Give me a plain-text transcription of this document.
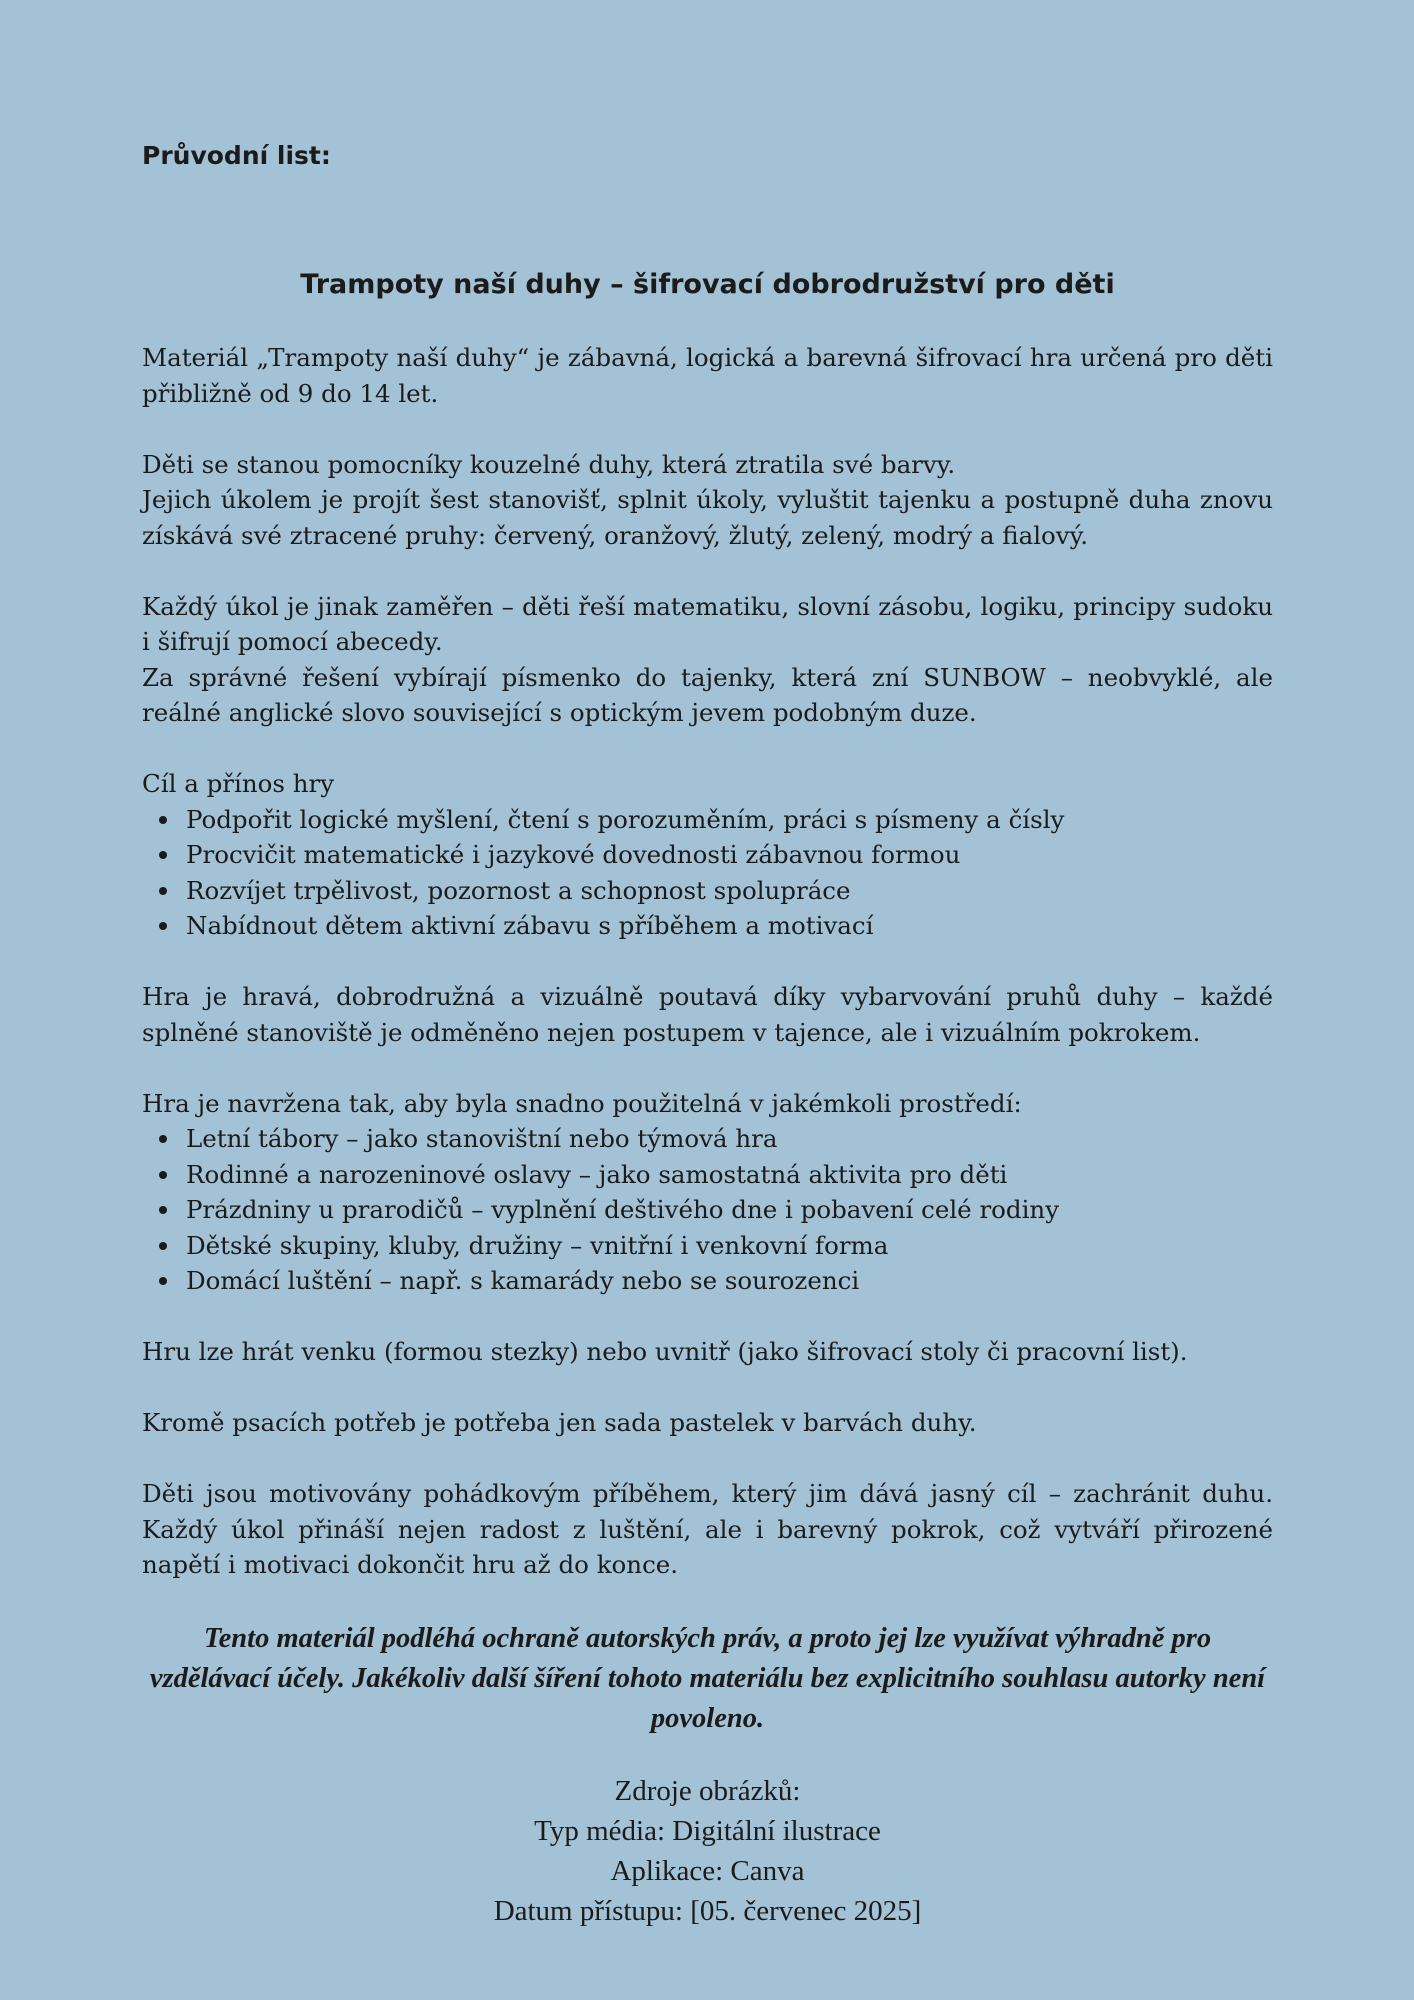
Průvodní list:

Trampoty naší duhy – šifrovací dobrodružství pro děti

Materiál „Trampoty naší duhy“ je zábavná, logická a barevná šifrovací hra určená pro děti přibližně od 9 do 14 let.

Děti se stanou pomocníky kouzelné duhy, která ztratila své barvy.

Jejich úkolem je projít šest stanovišť, splnit úkoly, vyluštit tajenku a postupně duha znovu získává své ztracené pruhy: červený, oranžový, žlutý, zelený, modrý a fialový.

Každý úkol je jinak zaměřen – děti řeší matematiku, slovní zásobu, logiku, principy sudoku i šifrují pomocí abecedy.

Za správné řešení vybírají písmenko do tajenky, která zní SUNBOW – neobvyklé, ale reálné anglické slovo související s optickým jevem podobným duze.

Cíl a přínos hry

Podpořit logické myšlení, čtení s porozuměním, práci s písmeny a čísly
Procvičit matematické i jazykové dovednosti zábavnou formou
Rozvíjet trpělivost, pozornost a schopnost spolupráce
Nabídnout dětem aktivní zábavu s příběhem a motivací

Hra je hravá, dobrodružná a vizuálně poutavá díky vybarvování pruhů duhy – každé splněné stanoviště je odměněno nejen postupem v tajence, ale i vizuálním pokrokem.

Hra je navržena tak, aby byla snadno použitelná v jakémkoli prostředí:

Letní tábory – jako stanovištní nebo týmová hra
Rodinné a narozeninové oslavy – jako samostatná aktivita pro děti
Prázdniny u prarodičů – vyplnění deštivého dne i pobavení celé rodiny
Dětské skupiny, kluby, družiny – vnitřní i venkovní forma
Domácí luštění – např. s kamarády nebo se sourozenci

Hru lze hrát venku (formou stezky) nebo uvnitř (jako šifrovací stoly či pracovní list).

Kromě psacích potřeb je potřeba jen sada pastelek v barvách duhy.

Děti jsou motivovány pohádkovým příběhem, který jim dává jasný cíl – zachránit duhu. Každý úkol přináší nejen radost z luštění, ale i barevný pokrok, což vytváří přirozené napětí i motivaci dokončit hru až do konce.

Tento materiál podléhá ochraně autorských práv, a proto jej lze využívat výhradně pro vzdělávací účely. Jakékoliv další šíření tohoto materiálu bez explicitního souhlasu autorky není povoleno.

Zdroje obrázků:
Typ média: Digitální ilustrace
Aplikace: Canva
Datum přístupu: [05. červenec 2025]
